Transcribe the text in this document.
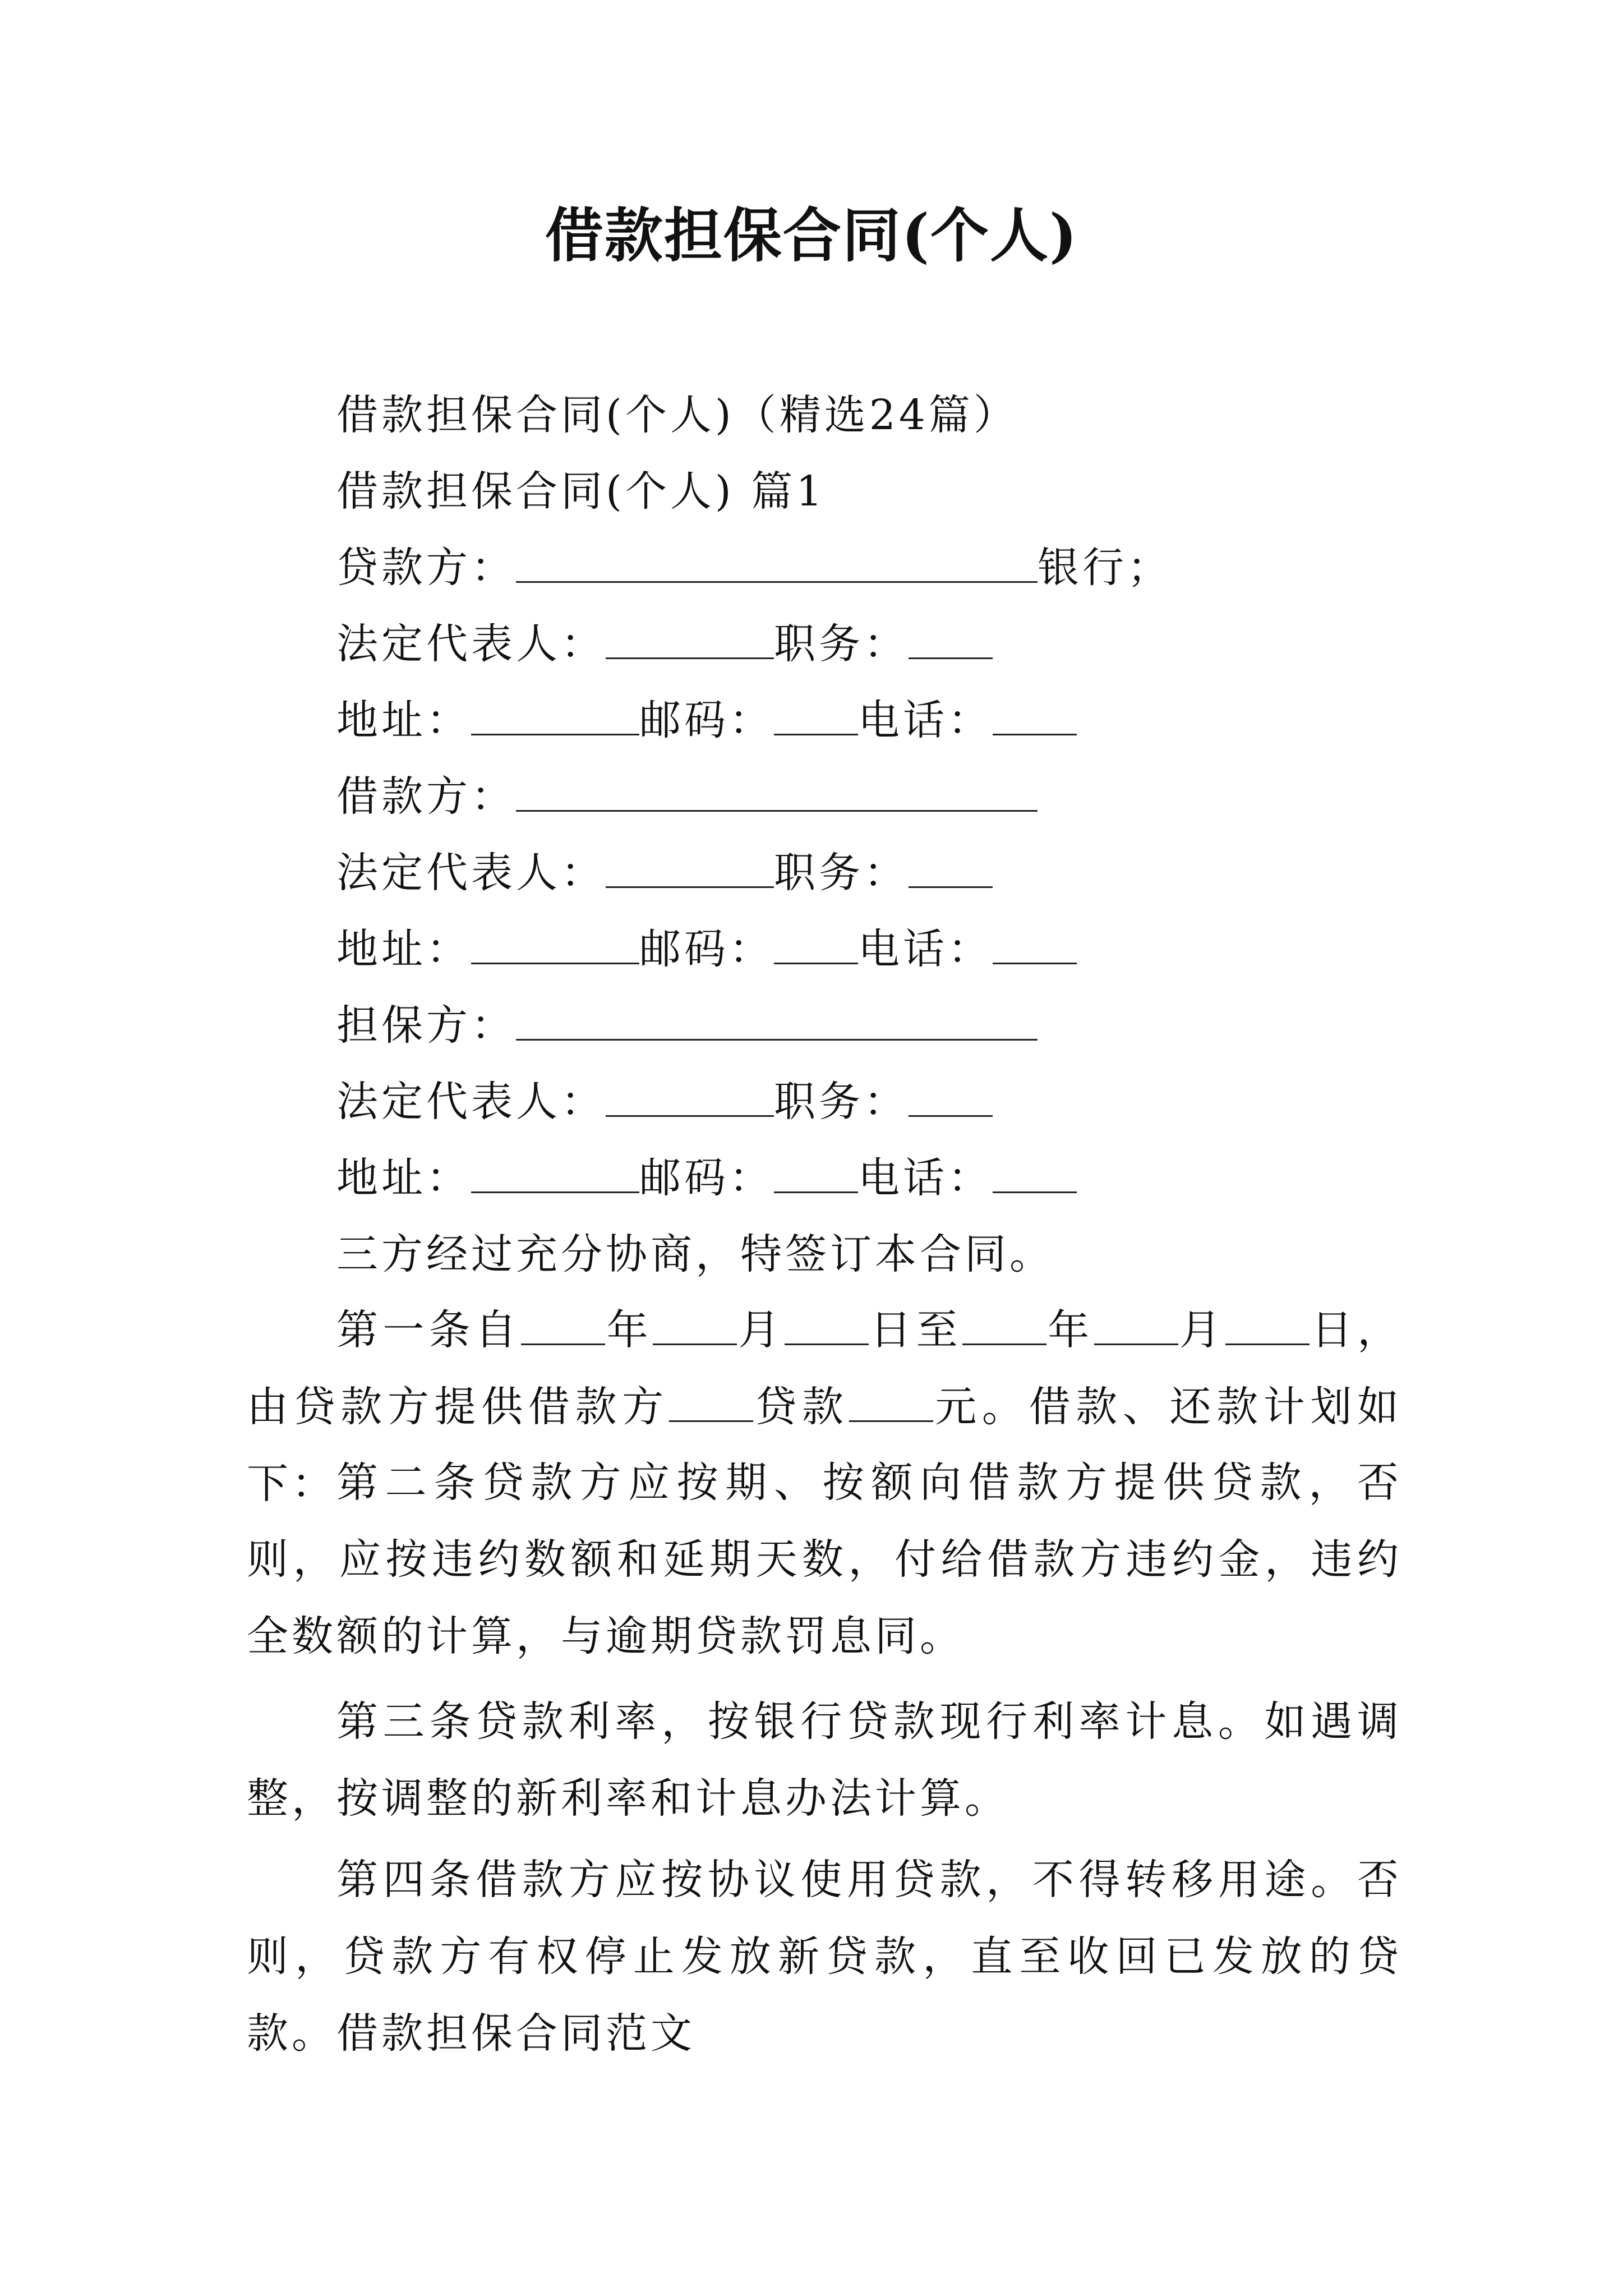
借款担保合同(个人)
借款担保合同(个人)（精选24篇）
借款担保合同(个人) 篇1
贷款方：	银行；
法定代表人：	职务：
地址：	邮码： 电话：
借款方：
法定代表人：	职务：
地址：	邮码： 电话：
担保方：
法定代表人：	职务：
地址：	邮码： 电话：
三方经过充分协商，特签订本合同。
第一条自 年 月 日至 年 月 日，由贷款方提供借款方 贷款 元。借款、还款计划如下： 第二条贷款方应按期、按额向借款方提供贷款，否则，应按违约数额和延期天数，付给借款方违约金，违约全数额的计算，与逾期贷款罚息同。
第三条贷款利率，按银行贷款现行利率计息。如遇调整，按调整的新利率和计息办法计算。
第四条借款方应按协议使用贷款，不得转移用途。否则，贷款方有权停止发放新贷款，直至收回已发放的贷款。借款担保合同范文
